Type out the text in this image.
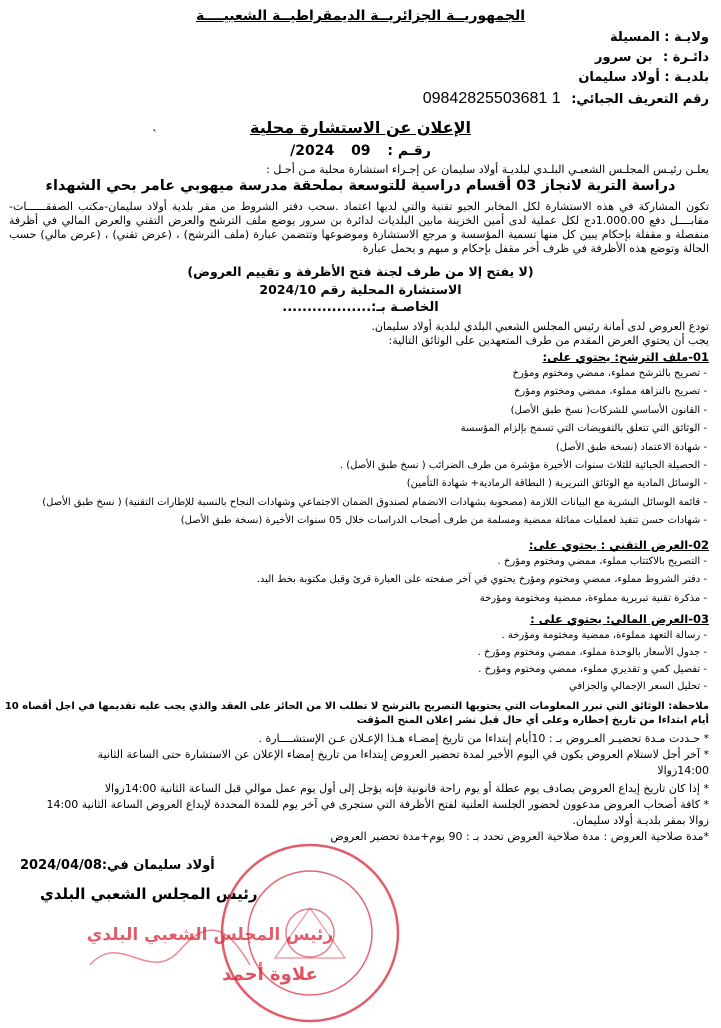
الجمهوريــة الجزائريــة الديمقراطيــة الشعبيــــة
ولايـة : المسيلة
دائـرة : بن سرور
بلديـة : أولاد سليمان
رقم التعريف الجبائي: 09842825503681 1
`	الإعلان عن الاستشارة محلية
رقـم : 09 2024/
يعلـن رئيـس المجلـس الشعبـي البلـدي لبلديـة أولاد سليمان عن إجـراء استشارة محلية مـن أجـل :
دراسة التربة لانجاز 03 أقسام دراسية للتوسعة بملحقة مدرسة ميهوبي عامر بحي الشهداء
تكون المشاركة في هذه الاستشارة لكل المخابر الجيو تقنية والتي لديها اعتماد .سحب دفتر الشروط من مقر بلدية أولاد سليمان-مكتب الصفقــــــات-مقابــــل دفع 1.000.00دج لكل عملية لدى أمين الخزينة مابين البلديات لدائرة بن سرور يوضع ملف الترشح والعرض التقني والعرض المالي في أظرفة منفصلة و مقفلة بإحكام يبين كل منها تسمية المؤسسة و مرجع الاستشارة وموضوعها وتتضمن عبارة (ملف الترشح) ، (عرض تقني) ، (عرض مالي) حسب الحالة وتوضع هذه الأظرفة في ظرف أخر مقفل بإحكام و مبهم و يحمل عبارة
(لا يفتح إلا من طرف لجنة فتح الأظرفة و تقييم العروض)
الاستشارة المحلية رقم 2024/10
الخاصـة بـ:..................
تودع العروض لدى أمانة رئيس المجلس الشعبي البلدي لبلدية أولاد سليمان.
يجب أن يحتوي العرض المقدم من طرف المتعهدين على الوثائق التالية:
01-ملف الترشح: يحتوي على:
- تصريح بالترشح مملوء، ممضي ومختوم ومؤرخ
- تصريح بالنزاهة مملوء، ممضي ومختوم ومؤرخ
- القانون الأساسي للشركات( نسخ طبق الأصل)
- الوثائق التي تتعلق بالتفويضات التي تسمح بإلزام المؤسسة
- شهادة الاعتماد (نسخة طبق الأصل)
- الحصيلة الجبائية للثلاث سنوات الأخيرة مؤشرة من طرف الضرائب ( نسخ طبق الأصل) .
- الوسائل المادية مع الوثائق التبريرية ( البطاقة الرمادية+ شهادة التأمين)
- قائمة الوسائل البشرية مع البيانات اللازمة (مصحوبة بشهادات الانضمام لصندوق الضمان الاجتماعي وشهادات النجاح بالنسبة للإطارات التقنية) ( نسخ طبق الأصل)
- شهادات حسن تنفيذ لعمليات مماثلة ممضية ومسلمة من طرف أصحاب الدراسات خلال 05 سنوات الأخيرة (نسخة طبق الأصل)
02-العرض التقني : يحتوي على:
- التصريح بالاكتتاب مملوء، ممضي ومختوم ومؤرخ .
- دفتر الشروط مملوء، ممضي ومختوم ومؤرخ يحتوي في آخر صفحته على العبارة قرئ وقبل مكتوبة بخط اليد.
- مذكرة تقنية تبريرية مملوءة، ممضية ومختومة ومؤرخة
03-العرض المالي: يحتوي على :
- رسالة التعهد مملوءة، ممضية ومختومة ومؤرخة .
- جدول الأسعار بالوحدة مملوء، ممضي ومختوم ومؤرخ .
- تفصيل كمي و تقديري مملوء، ممضي ومختوم ومؤرخ .
- تحليل السعر الإجمالي والجزافي
ملاحظة: الوثائق التي تبرر المعلومات التي يحتويها التصريح بالترشح لا تطلب الا من الحائز على العقد والذي يجب عليه تقديمها في اجل أقصاه 10 أيام ابتداءا من تاريخ إخطاره وعلى أي حال قبل نشر إعلان المنح المؤقت
* حـددت مـدة تحضيـر العـروض بـ : 10أيام إبتداءا من تاريخ إمضـاء هـذا الإعـلان عـن الإستشــــارة .
* آخر أجل لاستلام العروض يكون في اليوم الأخير لمدة تحضير العروض إبتداءا من تاريخ إمضاء الإعلان عن الاستشارة حتى الساعة الثانية
14:00زوالا
* إذا كان تاريخ إيداع العروض يصادف يوم عطلة أو يوم راحة قانونية فإنه يؤجل إلى أول يوم عمل موالي قبل الساعة الثانية 14:00زوالا
* كافة أصحاب العروض مدعوون لحضور الجلسة العلنية لفتح الأظرفة التي ستجرى في آخر يوم للمدة المحددة لإيداع العروض الساعة الثانية 14:00
زوالا بمقر بلديـة أولاد سليمان.
*مدة صلاحية العروض : مدة صلاحية العروض تحدد بـ : 90 يوم+مدة تحضير العروض
أولاد سليمان في:2024/04/08
رئيس المجلس الشعبي البلدي
رئيس المجلس الشعبي البلدي
علاوة أحمد
